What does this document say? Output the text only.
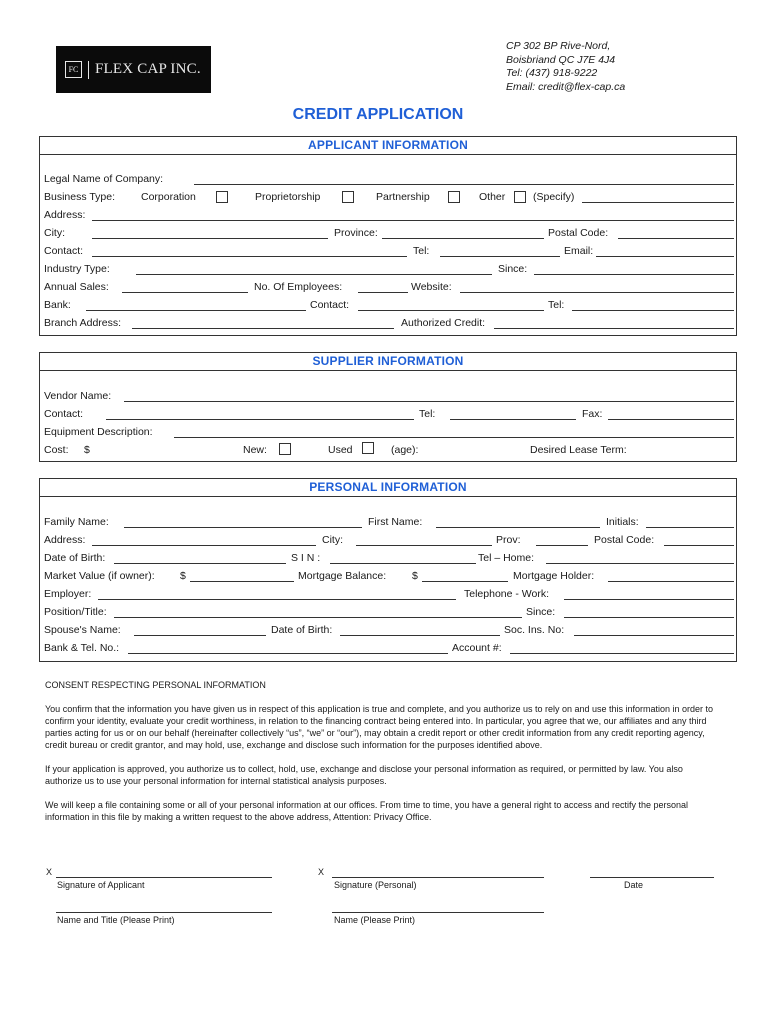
FC FLEX CAP INC.
CP 302 BP Rive-Nord,
Boisbriand QC J7E 4J4
Tel: (437) 918-9222
Email: credit@flex-cap.ca
CREDIT APPLICATION
APPLICANT INFORMATION
Legal Name of Company:
Business Type: Corporation	Proprietorship	Partnership	Other	(Specify)
Address:
City:	Province:	Postal Code:
Contact:	Tel:	Email:
Industry Type:	Since:
Annual Sales:	No. Of Employees:	Website:
Bank:	Contact:	Tel:
Branch Address:	Authorized Credit:
SUPPLIER INFORMATION
Vendor Name:
Contact:	Tel:	Fax:
Equipment Description:
Cost: $	New:	Used	(age):	Desired Lease Term:
PERSONAL INFORMATION
Family Name:	First Name:	Initials:
Address:	City:	Prov:	Postal Code:
Date of Birth:	S I N :	Tel – Home:
Market Value (if owner): $	Mortgage Balance: $	Mortgage Holder:
Employer:	Telephone - Work:
Position/Title:	Since:
Spouse's Name:	Date of Birth:	Soc. Ins. No:
Bank & Tel. No.:	Account #:

CONSENT RESPECTING PERSONAL INFORMATION

You confirm that the information you have given us in respect of this application is true and complete, and you authorize us to rely on and use this information in order to confirm your identity, evaluate your credit worthiness, in relation to the financing contract being entered into. In particular, you agree that we, our affiliates and any third parties acting for us or on our behalf (hereinafter collectively “us”, “we” or “our”), may obtain a credit report or other credit information from any credit reporting agency, credit bureau or credit grantor, and may hold, use, exchange and disclose such information for the purposes identified above.

If your application is approved, you authorize us to collect, hold, use, exchange and disclose your personal information as required, or permitted by law. You also authorize us to use your personal information for internal statistical analysis purposes.

We will keep a file containing some or all of your personal information at our offices. From time to time, you have a general right to access and rectify the personal information in this file by making a written request to the above address, Attention: Privacy Office.

X
Signature of Applicant
X
Signature (Personal)	Date
Name and Title (Please Print)	Name (Please Print)
